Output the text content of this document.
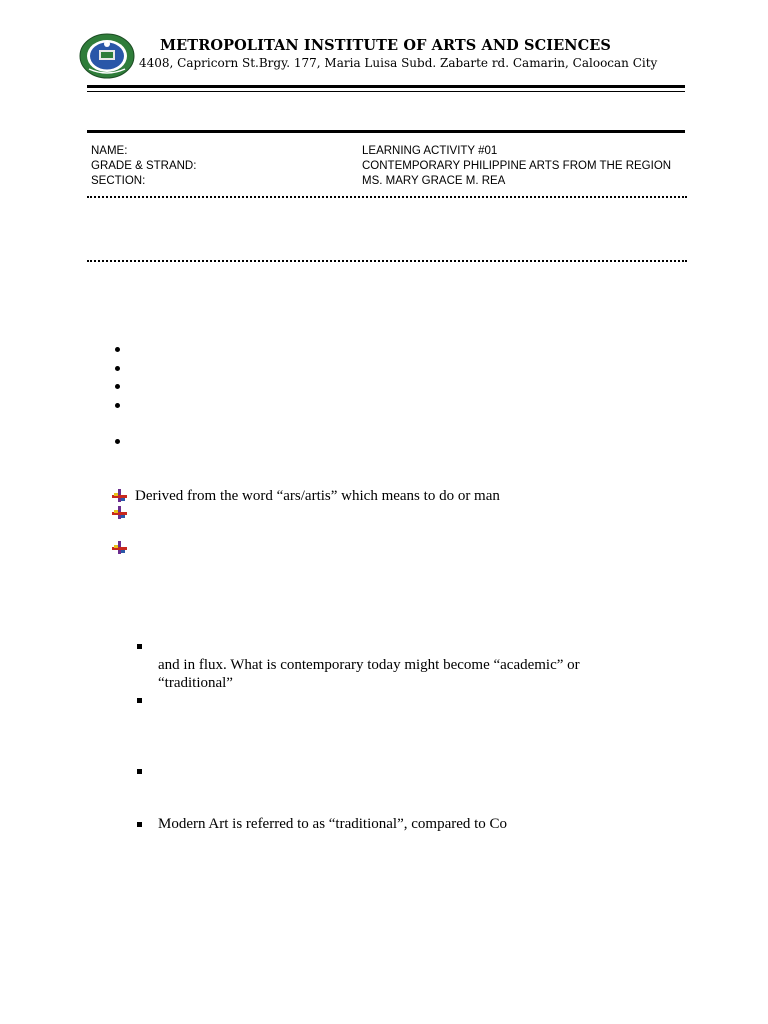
METROPOLITAN INSTITUTE OF ARTS AND SCIENCES
4408, Capricorn St.Brgy. 177, Maria Luisa Subd. Zabarte rd. Camarin, Caloocan City
NAME:
GRADE & STRAND:
SECTION:
LEARNING ACTIVITY #01
CONTEMPORARY PHILIPPINE ARTS FROM THE REGION
MS. MARY GRACE M. REA
Derived from the word “ars/artis” which means to do or man
and in flux. What is contemporary today might become “academic” or
“traditional”
Modern Art is referred to as “traditional”, compared to Co
